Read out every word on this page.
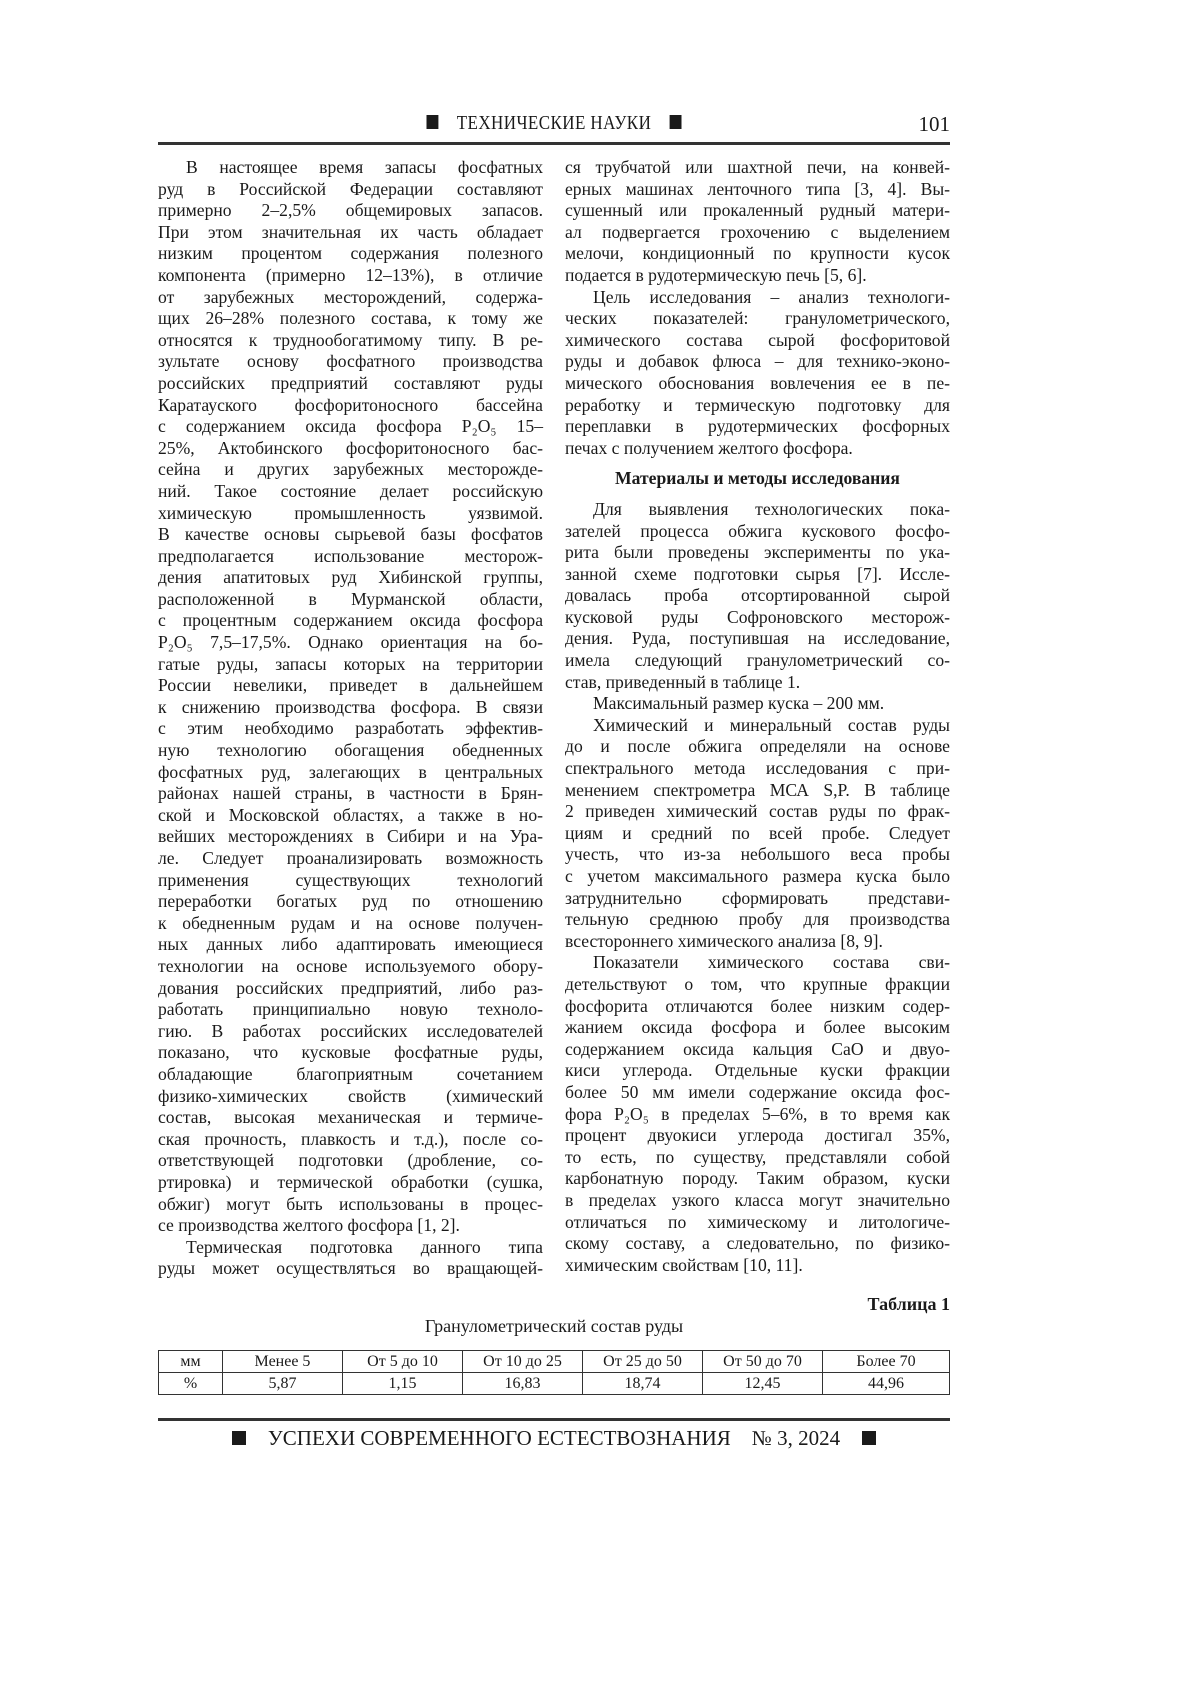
ТЕХНИЧЕСКИЕ НАУКИ	101
В настоящее время запасы фосфатных
руд в Российской Федерации составляют
примерно 2–2,5% общемировых запасов.
При этом значительная их часть обладает
низким процентом содержания полезного
компонента (примерно 12–13%), в отличие
от зарубежных месторождений, содержа-
щих 26–28% полезного состава, к тому же
относятся к труднообогатимому типу. В ре-
зультате основу фосфатного производства
российских предприятий составляют руды
Каратауского фосфоритоносного бассейна
с содержанием оксида фосфора P₂O₅ 15–
25%, Актобинского фосфоритоносного бас-
сейна и других зарубежных месторожде-
ний. Такое состояние делает российскую
химическую промышленность уязвимой.
В качестве основы сырьевой базы фосфатов
предполагается использование месторож-
дения апатитовых руд Хибинской группы,
расположенной в Мурманской области,
с процентным содержанием оксида фосфора
P₂O₅ 7,5–17,5%. Однако ориентация на бо-
гатые руды, запасы которых на территории
России невелики, приведет в дальнейшем
к снижению производства фосфора. В связи
с этим необходимо разработать эффектив-
ную технологию обогащения обедненных
фосфатных руд, залегающих в центральных
районах нашей страны, в частности в Брян-
ской и Московской областях, а также в но-
вейших месторождениях в Сибири и на Ура-
ле. Следует проанализировать возможность
применения существующих технологий
переработки богатых руд по отношению
к обедненным рудам и на основе получен-
ных данных либо адаптировать имеющиеся
технологии на основе используемого обору-
дования российских предприятий, либо раз-
работать принципиально новую техноло-
гию. В работах российских исследователей
показано, что кусковые фосфатные руды,
обладающие благоприятным сочетанием
физико-химических свойств (химический
состав, высокая механическая и термиче-
ская прочность, плавкость и т.д.), после со-
ответствующей подготовки (дробление, со-
ртировка) и термической обработки (сушка,
обжиг) могут быть использованы в процес-
се производства желтого фосфора [1, 2].
Термическая подготовка данного типа
руды может осуществляться во вращающей-
ся трубчатой или шахтной печи, на конвей-
ерных машинах ленточного типа [3, 4]. Вы-
сушенный или прокаленный рудный матери-
ал подвергается грохочению с выделением
мелочи, кондиционный по крупности кусок
подается в рудотермическую печь [5, 6].
Цель исследования – анализ технологи-
ческих показателей: гранулометрического,
химического состава сырой фосфоритовой
руды и добавок флюса – для технико-эконо-
мического обоснования вовлечения ее в пе-
реработку и термическую подготовку для
переплавки в рудотермических фосфорных
печах с получением желтого фосфора.
Материалы и методы исследования
Для выявления технологических пока-
зателей процесса обжига кускового фосфо-
рита были проведены эксперименты по ука-
занной схеме подготовки сырья [7]. Иссле-
довалась проба отсортированной сырой
кусковой руды Софроновского месторож-
дения. Руда, поступившая на исследование,
имела следующий гранулометрический со-
став, приведенный в таблице 1.
Максимальный размер куска – 200 мм.
Химический и минеральный состав руды
до и после обжига определяли на основе
спектрального метода исследования с при-
менением спектрометра МСА S,P. В таблице
2 приведен химический состав руды по фрак-
циям и средний по всей пробе. Следует
учесть, что из-за небольшого веса пробы
с учетом максимального размера куска было
затруднительно сформировать представи-
тельную среднюю пробу для производства
всестороннего химического анализа [8, 9].
Показатели химического состава сви-
детельствуют о том, что крупные фракции
фосфорита отличаются более низким содер-
жанием оксида фосфора и более высоким
содержанием оксида кальция CaO и двуо-
киси углерода. Отдельные куски фракции
более 50 мм имели содержание оксида фос-
фора P₂O₅ в пределах 5–6%, в то время как
процент двуокиси углерода достигал 35%,
то есть, по существу, представляли собой
карбонатную породу. Таким образом, куски
в пределах узкого класса могут значительно
отличаться по химическому и литологиче-
скому составу, а следовательно, по физико-
химическим свойствам [10, 11].
Таблица 1
Гранулометрический состав руды
мм	Менее 5	От 5 до 10	От 10 до 25	От 25 до 50	От 50 до 70	Более 70
%	5,87	1,15	16,83	18,74	12,45	44,96
УСПЕХИ СОВРЕМЕННОГО ЕСТЕСТВОЗНАНИЯ № 3, 2024
